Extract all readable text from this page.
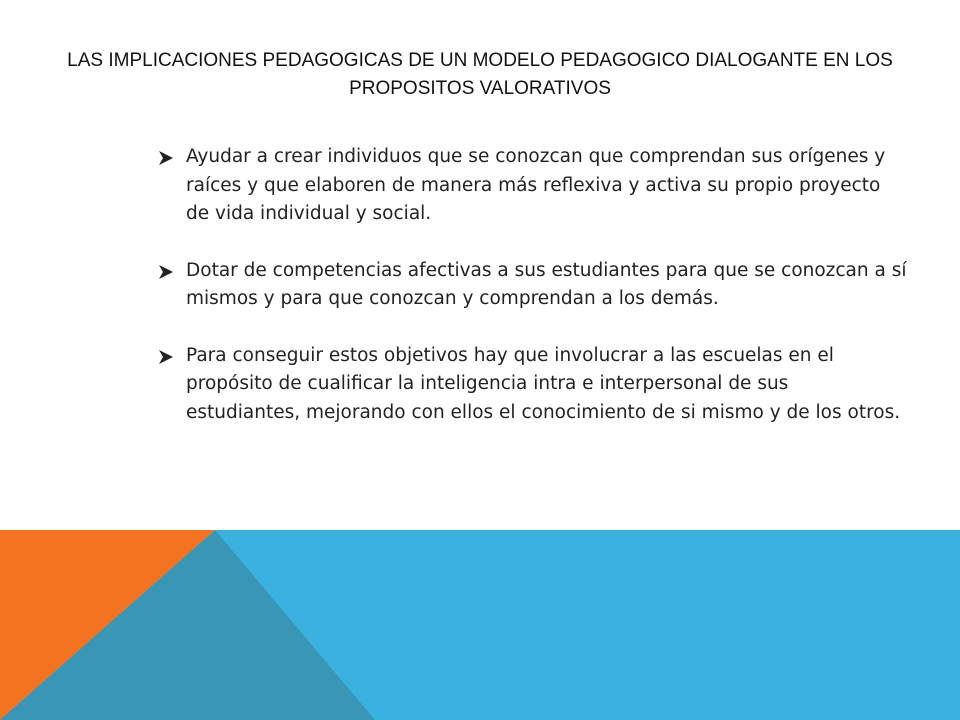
LAS IMPLICACIONES PEDAGOGICAS DE UN MODELO PEDAGOGICO DIALOGANTE EN LOS PROPOSITOS VALORATIVOS
Ayudar a crear individuos que se conozcan que comprendan sus orígenes y raíces y que elaboren de manera más reflexiva y activa su propio proyecto de vida individual y social.
Dotar de competencias afectivas a sus estudiantes para que se conozcan a sí mismos y para que conozcan y comprendan a los demás.
Para conseguir estos objetivos hay que involucrar a las escuelas en el propósito de cualificar la inteligencia intra e interpersonal de sus estudiantes, mejorando con ellos el conocimiento de si mismo y de los otros.
